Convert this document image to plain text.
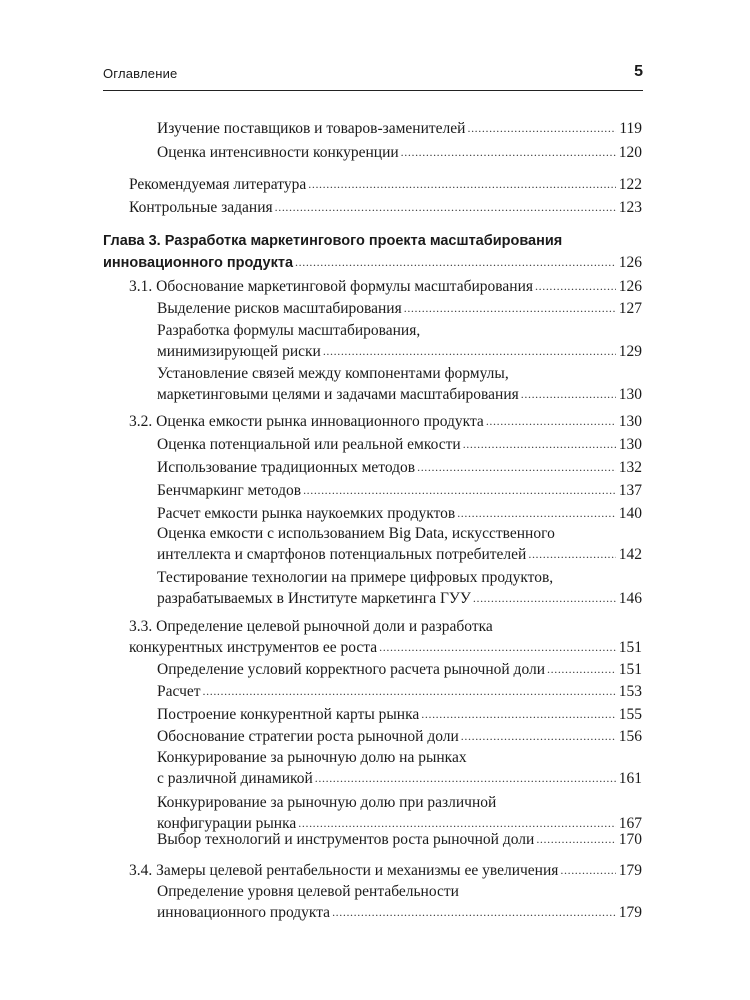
Оглавление	5
Изучение поставщиков и товаров-заменителей .....	119
Оценка интенсивности конкуренции .....	120
Рекомендуемая литература .....	122
Контрольные задания .....	123
Глава 3. Разработка маркетингового проекта масштабирования
инновационного продукта .....	126
3.1. Обоснование маркетинговой формулы масштабирования .....	126
Выделение рисков масштабирования .....	127
Разработка формулы масштабирования,
минимизирующей риски .....	129
Установление связей между компонентами формулы,
маркетинговыми целями и задачами масштабирования .....	130
3.2. Оценка емкости рынка инновационного продукта .....	130
Оценка потенциальной или реальной емкости .....	130
Использование традиционных методов .....	132
Бенчмаркинг методов .....	137
Расчет емкости рынка наукоемких продуктов .....	140
Оценка емкости с использованием Big Data, искусственного
интеллекта и смартфонов потенциальных потребителей .....	142
Тестирование технологии на примере цифровых продуктов,
разрабатываемых в Институте маркетинга ГУУ .....	146
3.3. Определение целевой рыночной доли и разработка
конкурентных инструментов ее роста .....	151
Определение условий корректного расчета рыночной доли .....	151
Расчет .....	153
Построение конкурентной карты рынка .....	155
Обоснование стратегии роста рыночной доли .....	156
Конкурирование за рыночную долю на рынках
с различной динамикой .....	161
Конкурирование за рыночную долю при различной
конфигурации рынка .....	167
Выбор технологий и инструментов роста рыночной доли .....	170
3.4. Замеры целевой рентабельности и механизмы ее увеличения .....	179
Определение уровня целевой рентабельности
инновационного продукта .....	179
